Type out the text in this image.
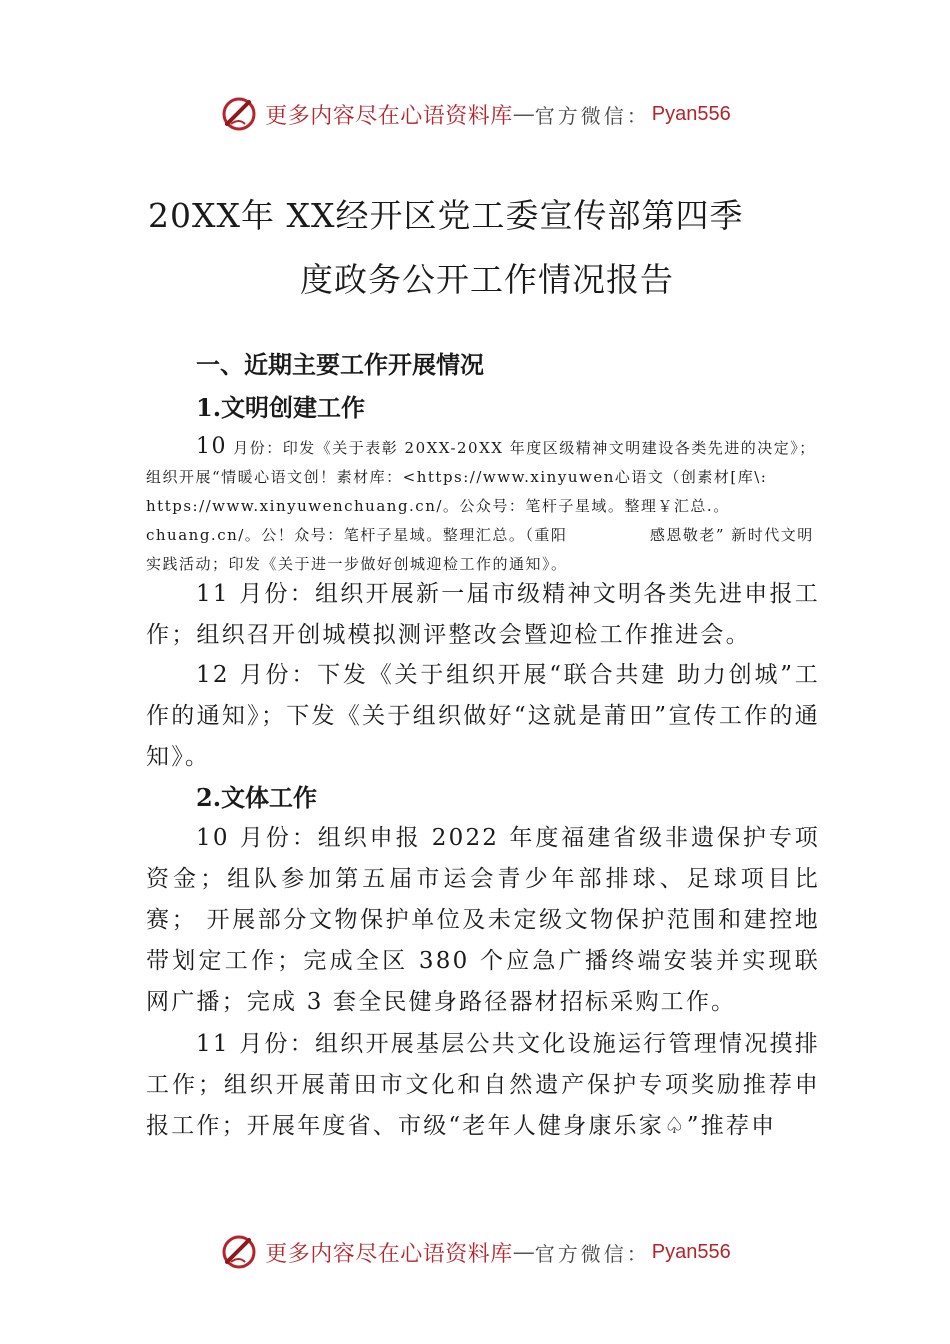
更多内容尽在心语资料库 — 官方微信： Pyan556
20XX年 XX经开区党工委宣传部第四季
度政务公开工作情况报告
一、近期主要工作开展情况
1.文明创建工作
10 月份：印发《关于表彰 20XX-20XX 年度区级精神文明建设各类先进的决定》；组织开展“情暖心语文创！素材库：<https://www.xinyuwen心语文（创素材[库\: https://www.xinyuwenchuang.cn/。公众号：笔杆子星域。整理￥汇总.。chuang.cn/。公！众号：笔杆子星域。整理汇总。（重阳　　　　　感恩敬老” 新时代文明实践活动；印发《关于进一步做好创城迎检工作的通知》。
11 月份：组织开展新一届市级精神文明各类先进申报工作；组织召开创城模拟测评整改会暨迎检工作推进会。
12 月份：下发《关于组织开展“联合共建 助力创城”工作的通知》；下发《关于组织做好“这就是莆田”宣传工作的通知》。
2.文体工作
10 月份：组织申报 2022 年度福建省级非遗保护专项资金；组队参加第五届市运会青少年部排球、足球项目比赛； 开展部分文物保护单位及未定级文物保护范围和建控地带划定工作；完成全区 380 个应急广播终端安装并实现联网广播；完成 3 套全民健身路径器材招标采购工作。
11 月份：组织开展基层公共文化设施运行管理情况摸排工作；组织开展莆田市文化和自然遗产保护专项奖励推荐申报工作；开展年度省、市级“老年人健身康乐家♤”推荐申
更多内容尽在心语资料库 — 官方微信： Pyan556
